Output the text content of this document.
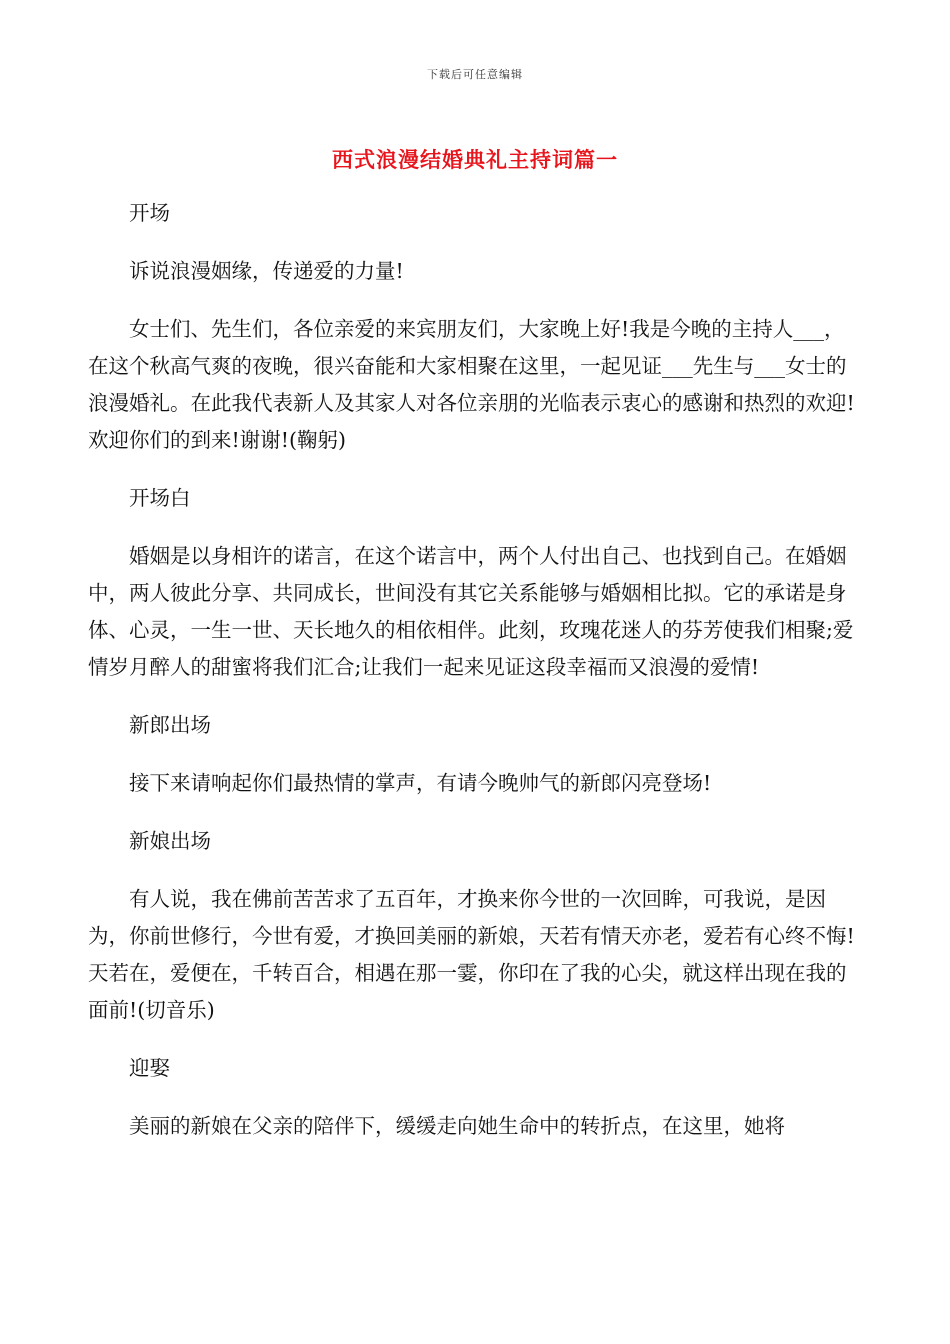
下载后可任意编辑
西式浪漫结婚典礼主持词篇一

开场

诉说浪漫姻缘，传递爱的力量!

女士们、先生们，各位亲爱的来宾朋友们，大家晚上好!我是今晚的主持人___，在这个秋高气爽的夜晚，很兴奋能和大家相聚在这里，一起见证___先生与___女士的浪漫婚礼。在此我代表新人及其家人对各位亲朋的光临表示衷心的感谢和热烈的欢迎!欢迎你们的到来!谢谢!(鞠躬)

开场白

婚姻是以身相许的诺言，在这个诺言中，两个人付出自己、也找到自己。在婚姻中，两人彼此分享、共同成长，世间没有其它关系能够与婚姻相比拟。它的承诺是身体、心灵，一生一世、天长地久的相依相伴。此刻，玫瑰花迷人的芬芳使我们相聚;爱情岁月醉人的甜蜜将我们汇合;让我们一起来见证这段幸福而又浪漫的爱情!

新郎出场

接下来请响起你们最热情的掌声，有请今晚帅气的新郎闪亮登场!

新娘出场

有人说，我在佛前苦苦求了五百年，才换来你今世的一次回眸，可我说，是因为，你前世修行，今世有爱，才换回美丽的新娘，天若有情天亦老，爱若有心终不悔!天若在，爱便在，千转百合，相遇在那一霎，你印在了我的心尖，就这样出现在我的面前!(切音乐)

迎娶

美丽的新娘在父亲的陪伴下，缓缓走向她生命中的转折点，在这里，她将
